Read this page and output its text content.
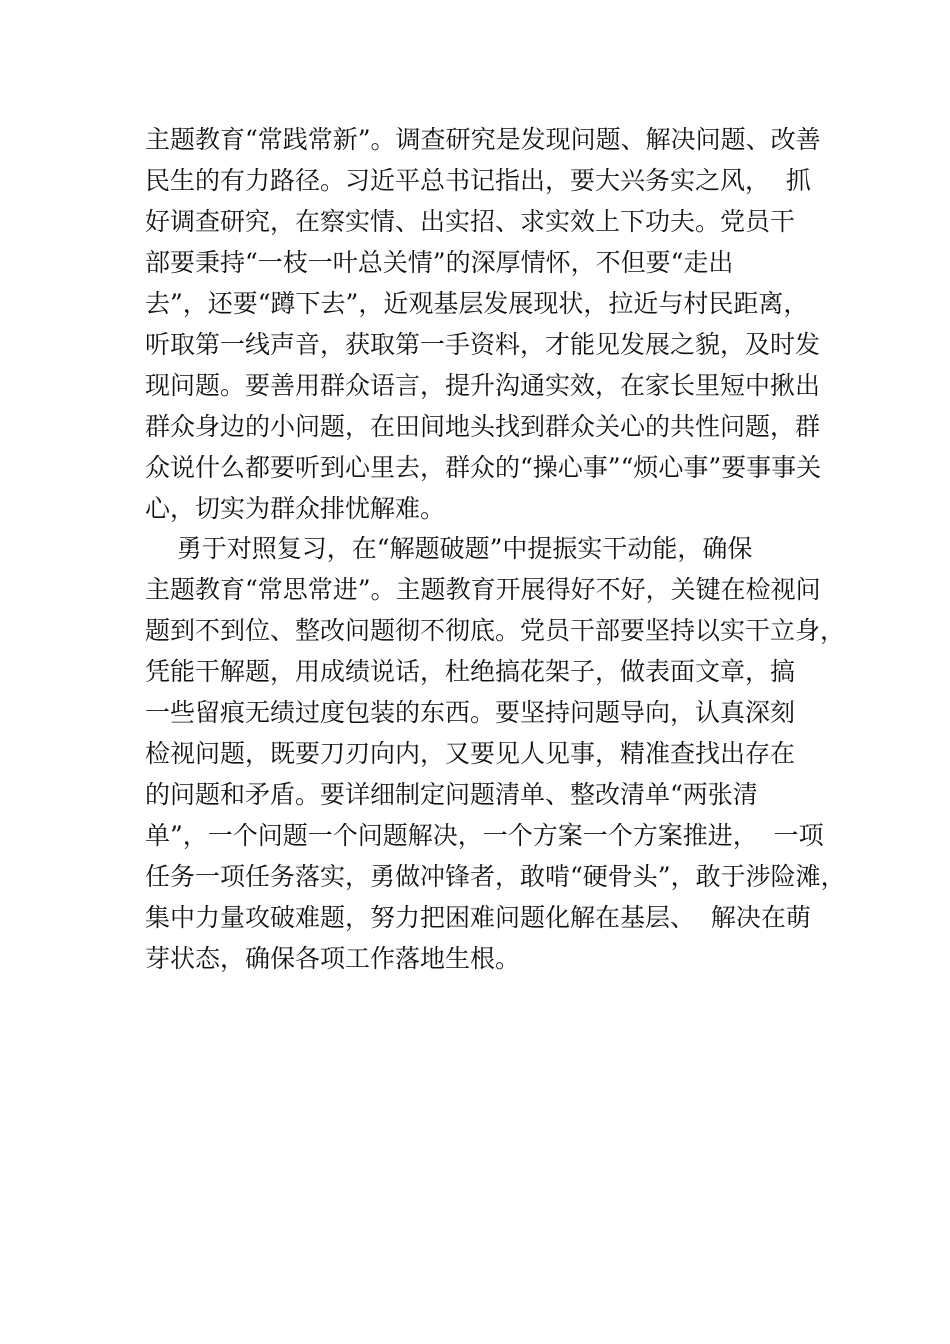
主题教育“常践常新”。调查研究是发现问题、解决问题、改善
民生的有力路径。习近平总书记指出，要大兴务实之风，  抓
好调查研究，在察实情、出实招、求实效上下功夫。党员干
部要秉持“一枝一叶总关情”的深厚情怀，不但要“走出
去”，还要“蹲下去”，近观基层发展现状，拉近与村民距离，
听取第一线声音，获取第一手资料，才能见发展之貌，及时发
现问题。要善用群众语言，提升沟通实效，在家长里短中揪出
群众身边的小问题，在田间地头找到群众关心的共性问题，群
众说什么都要听到心里去，群众的“操心事”“烦心事”要事事关
心，切实为群众排忧解难。
勇于对照复习，在“解题破题”中提振实干动能，确保
主题教育“常思常进”。主题教育开展得好不好，关键在检视问
题到不到位、整改问题彻不彻底。党员干部要坚持以实干立身，
凭能干解题，用成绩说话，杜绝搞花架子，做表面文章，搞
一些留痕无绩过度包装的东西。要坚持问题导向，认真深刻
检视问题，既要刀刃向内，又要见人见事，精准查找出存在
的问题和矛盾。要详细制定问题清单、整改清单“两张清
单”，一个问题一个问题解决，一个方案一个方案推进，  一项
任务一项任务落实，勇做冲锋者，敢啃“硬骨头”，敢于涉险滩，
集中力量攻破难题，努力把困难问题化解在基层、  解决在萌
芽状态，确保各项工作落地生根。
